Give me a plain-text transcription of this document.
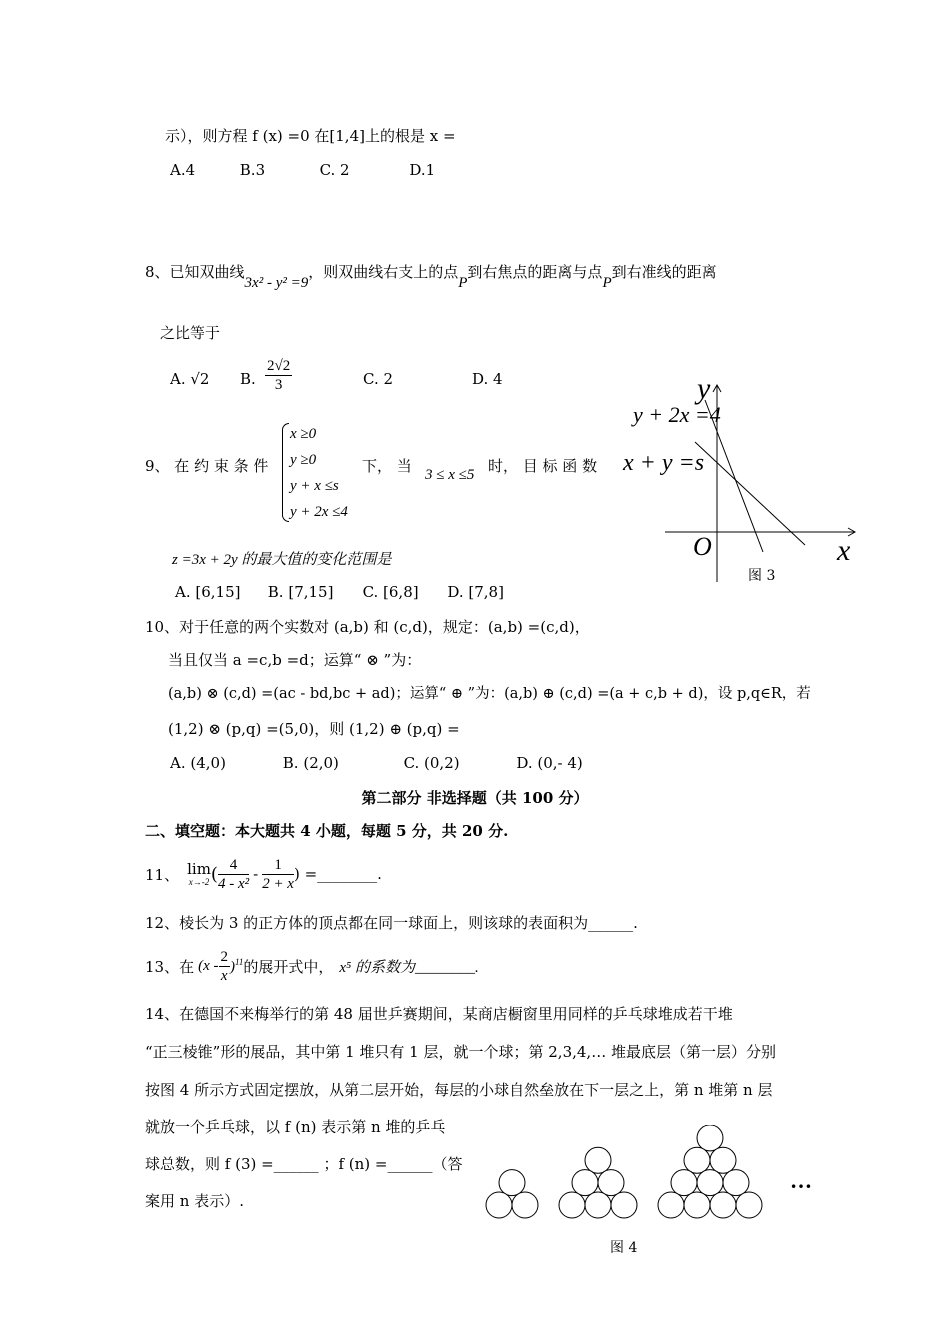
示），则方程 f (x) =0 在[1,4]上的根是 x =
A.4	B.3	C. 2	D.1
8、已知双曲线3x² - y² =9，则双曲线右支上的点P到右焦点的距离与点P到右准线的距离
之比等于
A. √2 B. $\frac{2√2}{3}$	C. 2	D. 4
9、 在 约 束 条 件
x ≥0
y ≥0
y + x ≤s
y + 2x ≤4
下， 当 3 ≤ x ≤5 时， 目 标 函 数
z =3x + 2y 的最大值的变化范围是
A. [6,15] B. [7,15] C. [6,8] D. [7,8]
y
x
O
y + 2x =4
x + y =s
图 3
10、对于任意的两个实数对 (a,b) 和 (c,d)，规定：(a,b) =(c,d)，
当且仅当 a =c,b =d；运算“ ⊗ ”为：
(a,b) ⊗ (c,d) =(ac - bd,bc + ad)；运算“ ⊕ ”为：(a,b) ⊕ (c,d) =(a + c,b + d)，设 p,q∈R，若
(1,2) ⊗ (p,q) =(5,0)，则 (1,2) ⊕ (p,q) =
A. (4,0)	B. (2,0)	C. (0,2)	D. (0,- 4)
第二部分 非选择题（共 100 分）
二、填空题：本大题共 4 小题，每题 5 分，共 20 分.
11、 lim
x→-2 ( $\frac{4}{\text{4 - x²}} - \frac{1}{2 + x}$ ) =________.
12、棱长为 3 的正方体的顶点都在同一球面上，则该球的表面积为______.
13、在 $(x - \frac{2}{x} )^{11}$ 的展开式中， x⁵ 的系数为________.
14、在德国不来梅举行的第 48 届世乒赛期间，某商店橱窗里用同样的乒乓球堆成若干堆
“正三棱锥”形的展品，其中第 1 堆只有 1 层，就一个球；第 2,3,4,… 堆最底层（第一层）分别
按图 4 所示方式固定摆放，从第二层开始，每层的小球自然垒放在下一层之上，第 n 堆第 n 层
就放一个乒乓球，以 f (n) 表示第 n 堆的乒乓
球总数，则 f (3) =______ ；f (n) =______（答
案用 n 表示）.
…
图 4
